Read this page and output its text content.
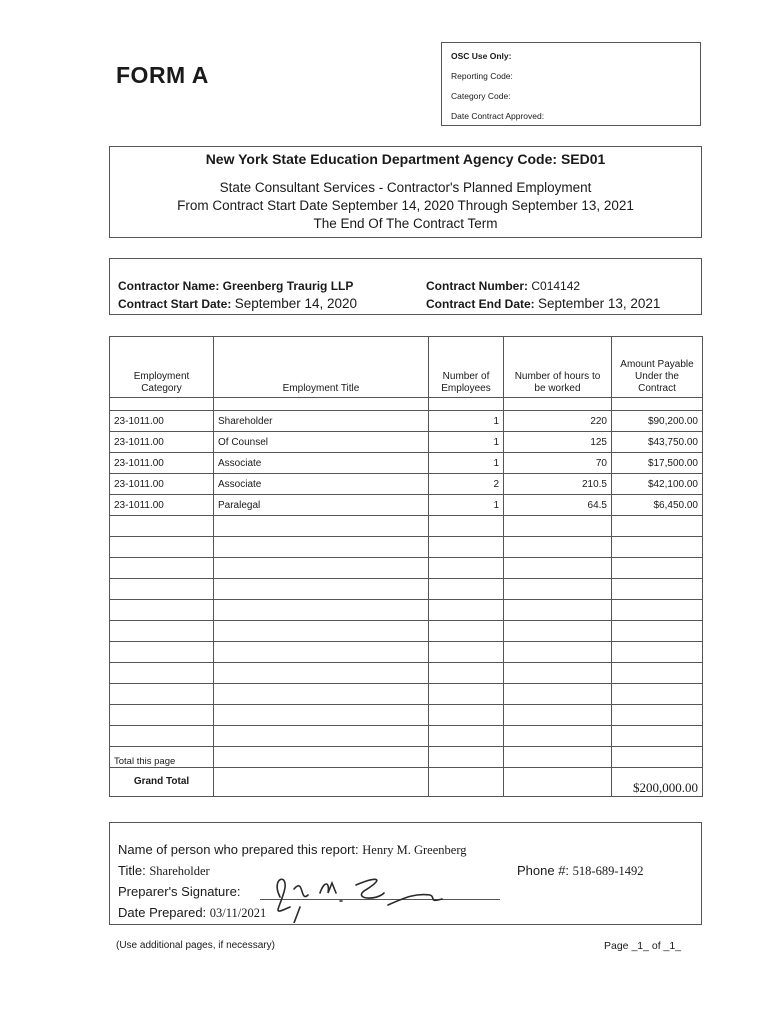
FORM A
OSC Use Only:
Reporting Code:
Category Code:
Date Contract Approved:
New York State Education Department Agency Code: SED01
State Consultant Services - Contractor's Planned Employment
From Contract Start Date September 14, 2020 Through September 13, 2021
The End Of The Contract Term
Contractor Name: Greenberg Traurig LLP	Contract Number: C014142
Contract Start Date: September 14, 2020	Contract End Date: September 13, 2021
Employment Category	Employment Title	Number of Employees	Number of hours to be worked	Amount Payable Under the Contract

23-1011.00	Shareholder	1	220	$90,200.00
23-1011.00	Of Counsel	1	125	$43,750.00
23-1011.00	Associate	1	70	$17,500.00
23-1011.00	Associate	2	210.5	$42,100.00
23-1011.00	Paralegal	1	64.5	$6,450.00

Total this page				
Grand Total				$200,000.00
Name of person who prepared this report: Henry M. Greenberg
Title: Shareholder	Phone #: 518-689-1492
Preparer's Signature:
Date Prepared: 03/11/2021
(Use additional pages, if necessary)	Page _1_ of _1_
